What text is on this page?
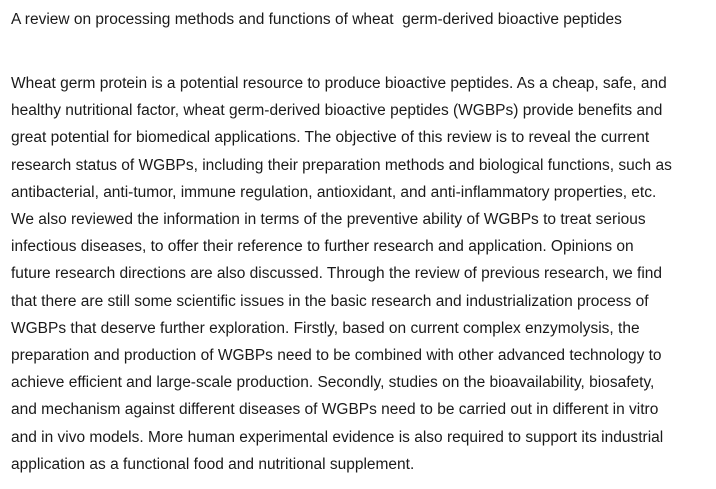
A review on processing methods and functions of wheat  germ-derived bioactive peptides
Wheat germ protein is a potential resource to produce bioactive peptides. As a cheap, safe, and
healthy nutritional factor, wheat germ-derived bioactive peptides (WGBPs) provide benefits and
great potential for biomedical applications. The objective of this review is to reveal the current
research status of WGBPs, including their preparation methods and biological functions, such as
antibacterial, anti-tumor, immune regulation, antioxidant, and anti-inflammatory properties, etc.
We also reviewed the information in terms of the preventive ability of WGBPs to treat serious
infectious diseases, to offer their reference to further research and application. Opinions on
future research directions are also discussed. Through the review of previous research, we find
that there are still some scientific issues in the basic research and industrialization process of
WGBPs that deserve further exploration. Firstly, based on current complex enzymolysis, the
preparation and production of WGBPs need to be combined with other advanced technology to
achieve efficient and large-scale production. Secondly, studies on the bioavailability, biosafety,
and mechanism against different diseases of WGBPs need to be carried out in different in vitro
and in vivo models. More human experimental evidence is also required to support its industrial
application as a functional food and nutritional supplement.
